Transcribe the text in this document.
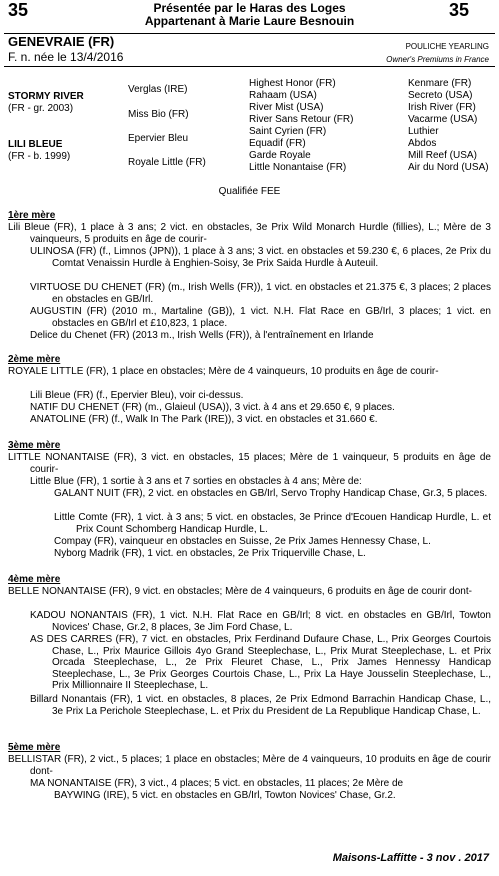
35	35
Présentée par le Haras des Loges
Appartenant à Marie Laure Besnouin
GENEVRAIE (FR)
F. n. née le 13/4/2016
POULICHE YEARLING
Owner's Premiums in France
STORMY RIVER
(FR - gr. 2003)
LILI BLEUE
(FR - b. 1999)
Verglas (IRE)
Miss Bio (FR)
Epervier Bleu
Royale Little (FR)
Highest Honor (FR)
Rahaam (USA)
River Mist (USA)
River Sans Retour (FR)
Saint Cyrien (FR)
Equadif (FR)
Garde Royale
Little Nonantaise (FR)
Kenmare (FR)
Secreto (USA)
Irish River (FR)
Vacarme (USA)
Luthier
Abdos
Mill Reef (USA)
Air du Nord (USA)
Qualifiée FEE
1ère mère
Lili Bleue (FR), 1 place à 3 ans; 2 vict. en obstacles, 3e Prix Wild Monarch Hurdle (fillies), L.; Mère de 3 vainqueurs, 5 produits en âge de courir-
ULINOSA (FR) (f., Limnos (JPN)), 1 place à 3 ans; 3 vict. en obstacles et 59.230 €, 6 places, 2e Prix du Comtat Venaissin Hurdle à Enghien-Soisy, 3e Prix Saida Hurdle à Auteuil.
VIRTUOSE DU CHENET (FR) (m., Irish Wells (FR)), 1 vict. en obstacles et 21.375 €, 3 places; 2 places en obstacles en GB/Irl.
AUGUSTIN (FR) (2010 m., Martaline (GB)), 1 vict. N.H. Flat Race en GB/Irl, 3 places; 1 vict. en obstacles en GB/Irl et £10,823, 1 place.
Delice du Chenet (FR) (2013 m., Irish Wells (FR)), à l'entraînement en Irlande
2ème mère
ROYALE LITTLE (FR), 1 place en obstacles; Mère de 4 vainqueurs, 10 produits en âge de courir-
Lili Bleue (FR) (f., Epervier Bleu), voir ci-dessus.
NATIF DU CHENET (FR) (m., Glaieul (USA)), 3 vict. à 4 ans et 29.650 €, 9 places.
ANATOLINE (FR) (f., Walk In The Park (IRE)), 3 vict. en obstacles et 31.660 €.
3ème mère
LITTLE NONANTAISE (FR), 3 vict. en obstacles, 15 places; Mère de 1 vainqueur, 5 produits en âge de courir-
Little Blue (FR), 1 sortie à 3 ans et 7 sorties en obstacles à 4 ans; Mère de:
GALANT NUIT (FR), 2 vict. en obstacles en GB/Irl, Servo Trophy Handicap Chase, Gr.3, 5 places.
Little Comte (FR), 1 vict. à 3 ans; 5 vict. en obstacles, 3e Prince d'Ecouen Handicap Hurdle, L. et Prix Count Schomberg Handicap Hurdle, L.
Compay (FR), vainqueur en obstacles en Suisse, 2e Prix James Hennessy Chase, L.
Nyborg Madrik (FR), 1 vict. en obstacles, 2e Prix Triquerville Chase, L.
4ème mère
BELLE NONANTAISE (FR), 9 vict. en obstacles; Mère de 4 vainqueurs, 6 produits en âge de courir dont-
KADOU NONANTAIS (FR), 1 vict. N.H. Flat Race en GB/Irl; 8 vict. en obstacles en GB/Irl, Towton Novices' Chase, Gr.2, 8 places, 3e Jim Ford Chase, L.
AS DES CARRES (FR), 7 vict. en obstacles, Prix Ferdinand Dufaure Chase, L., Prix Georges Courtois Chase, L., Prix Maurice Gillois 4yo Grand Steeplechase, L., Prix Murat Steeplechase, L. et Prix Orcada Steeplechase, L., 2e Prix Fleuret Chase, L., Prix James Hennessy Handicap Steeplechase, L., 3e Prix Georges Courtois Chase, L., Prix La Haye Jousselin Steeplechase, L., Prix Millionnaire II Steeplechase, L.
Billard Nonantais (FR), 1 vict. en obstacles, 8 places, 2e Prix Edmond Barrachin Handicap Chase, L., 3e Prix La Perichole Steeplechase, L. et Prix du President de La Republique Handicap Chase, L.
5ème mère
BELLISTAR (FR), 2 vict., 5 places; 1 place en obstacles; Mère de 4 vainqueurs, 10 produits en âge de courir dont-
MA NONANTAISE (FR), 3 vict., 4 places; 5 vict. en obstacles, 11 places; 2e Mère de
BAYWING (IRE), 5 vict. en obstacles en GB/Irl, Towton Novices' Chase, Gr.2.
Maisons-Laffitte - 3 nov . 2017
